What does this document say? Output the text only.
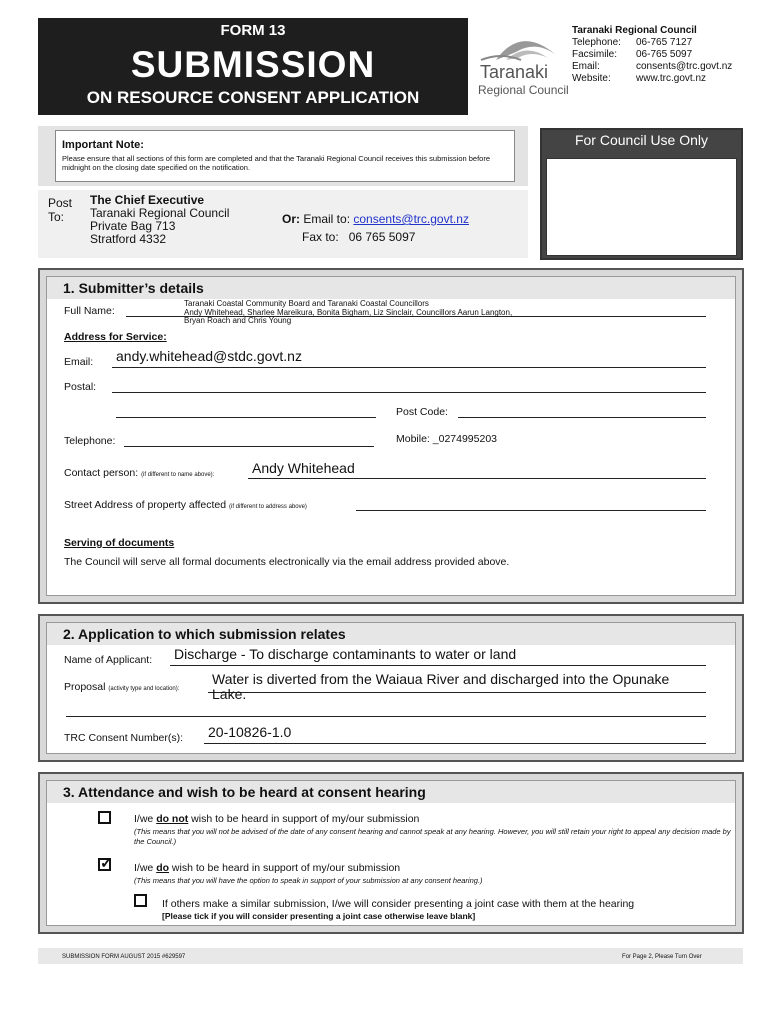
FORM 13
SUBMISSION
ON RESOURCE CONSENT APPLICATION
Taranaki
Regional Council
Taranaki Regional Council
Telephone: 06-765 7127
Facsimile: 06-765 5097
Email:	consents@trc.govt.nz
Website:	www.trc.govt.nz
Important Note:
Please ensure that all sections of this form are completed and that the Taranaki Regional Council receives this submission before midnight on the closing date specified on the notification.
For Council Use Only
Post
To:
The Chief Executive
Taranaki Regional Council
Private Bag 713
Stratford 4332
Or: Email to: consents@trc.govt.nz
Fax to: 06 765 5097
1. Submitter’s details
Full Name:
Taranaki Coastal Community Board and Taranaki Coastal Councillors
Andy Whitehead, Sharlee Mareikura, Bonita Bigham, Liz Sinclair, Councillors Aarun Langton,
Bryan Roach and Chris Young
Address for Service:
Email: andy.whitehead@stdc.govt.nz
Postal:
Post Code:
Telephone:	Mobile: _0274995203
Contact person: (if different to name above):	Andy Whitehead
Street Address of property affected (if different to address above)
Serving of documents
The Council will serve all formal documents electronically via the email address provided above.
2. Application to which submission relates
Name of Applicant: Discharge - To discharge contaminants to water or land
Proposal (activity type and location):
Water is diverted from the Waiaua River and discharged into the Opunake
Lake.
TRC Consent Number(s): 20-10826-1.0
3. Attendance and wish to be heard at consent hearing
I/we do not wish to be heard in support of my/our submission
(This means that you will not be advised of the date of any consent hearing and cannot speak at any hearing. However, you will still retain your right to appeal any decision made by the Council.)
✓ I/we do wish to be heard in support of my/our submission
(This means that you will have the option to speak in support of your submission at any consent hearing.)
If others make a similar submission, I/we will consider presenting a joint case with them at the hearing
[Please tick if you will consider presenting a joint case otherwise leave blank]
SUBMISSION FORM AUGUST 2015 #629597	For Page 2, Please Turn Over
